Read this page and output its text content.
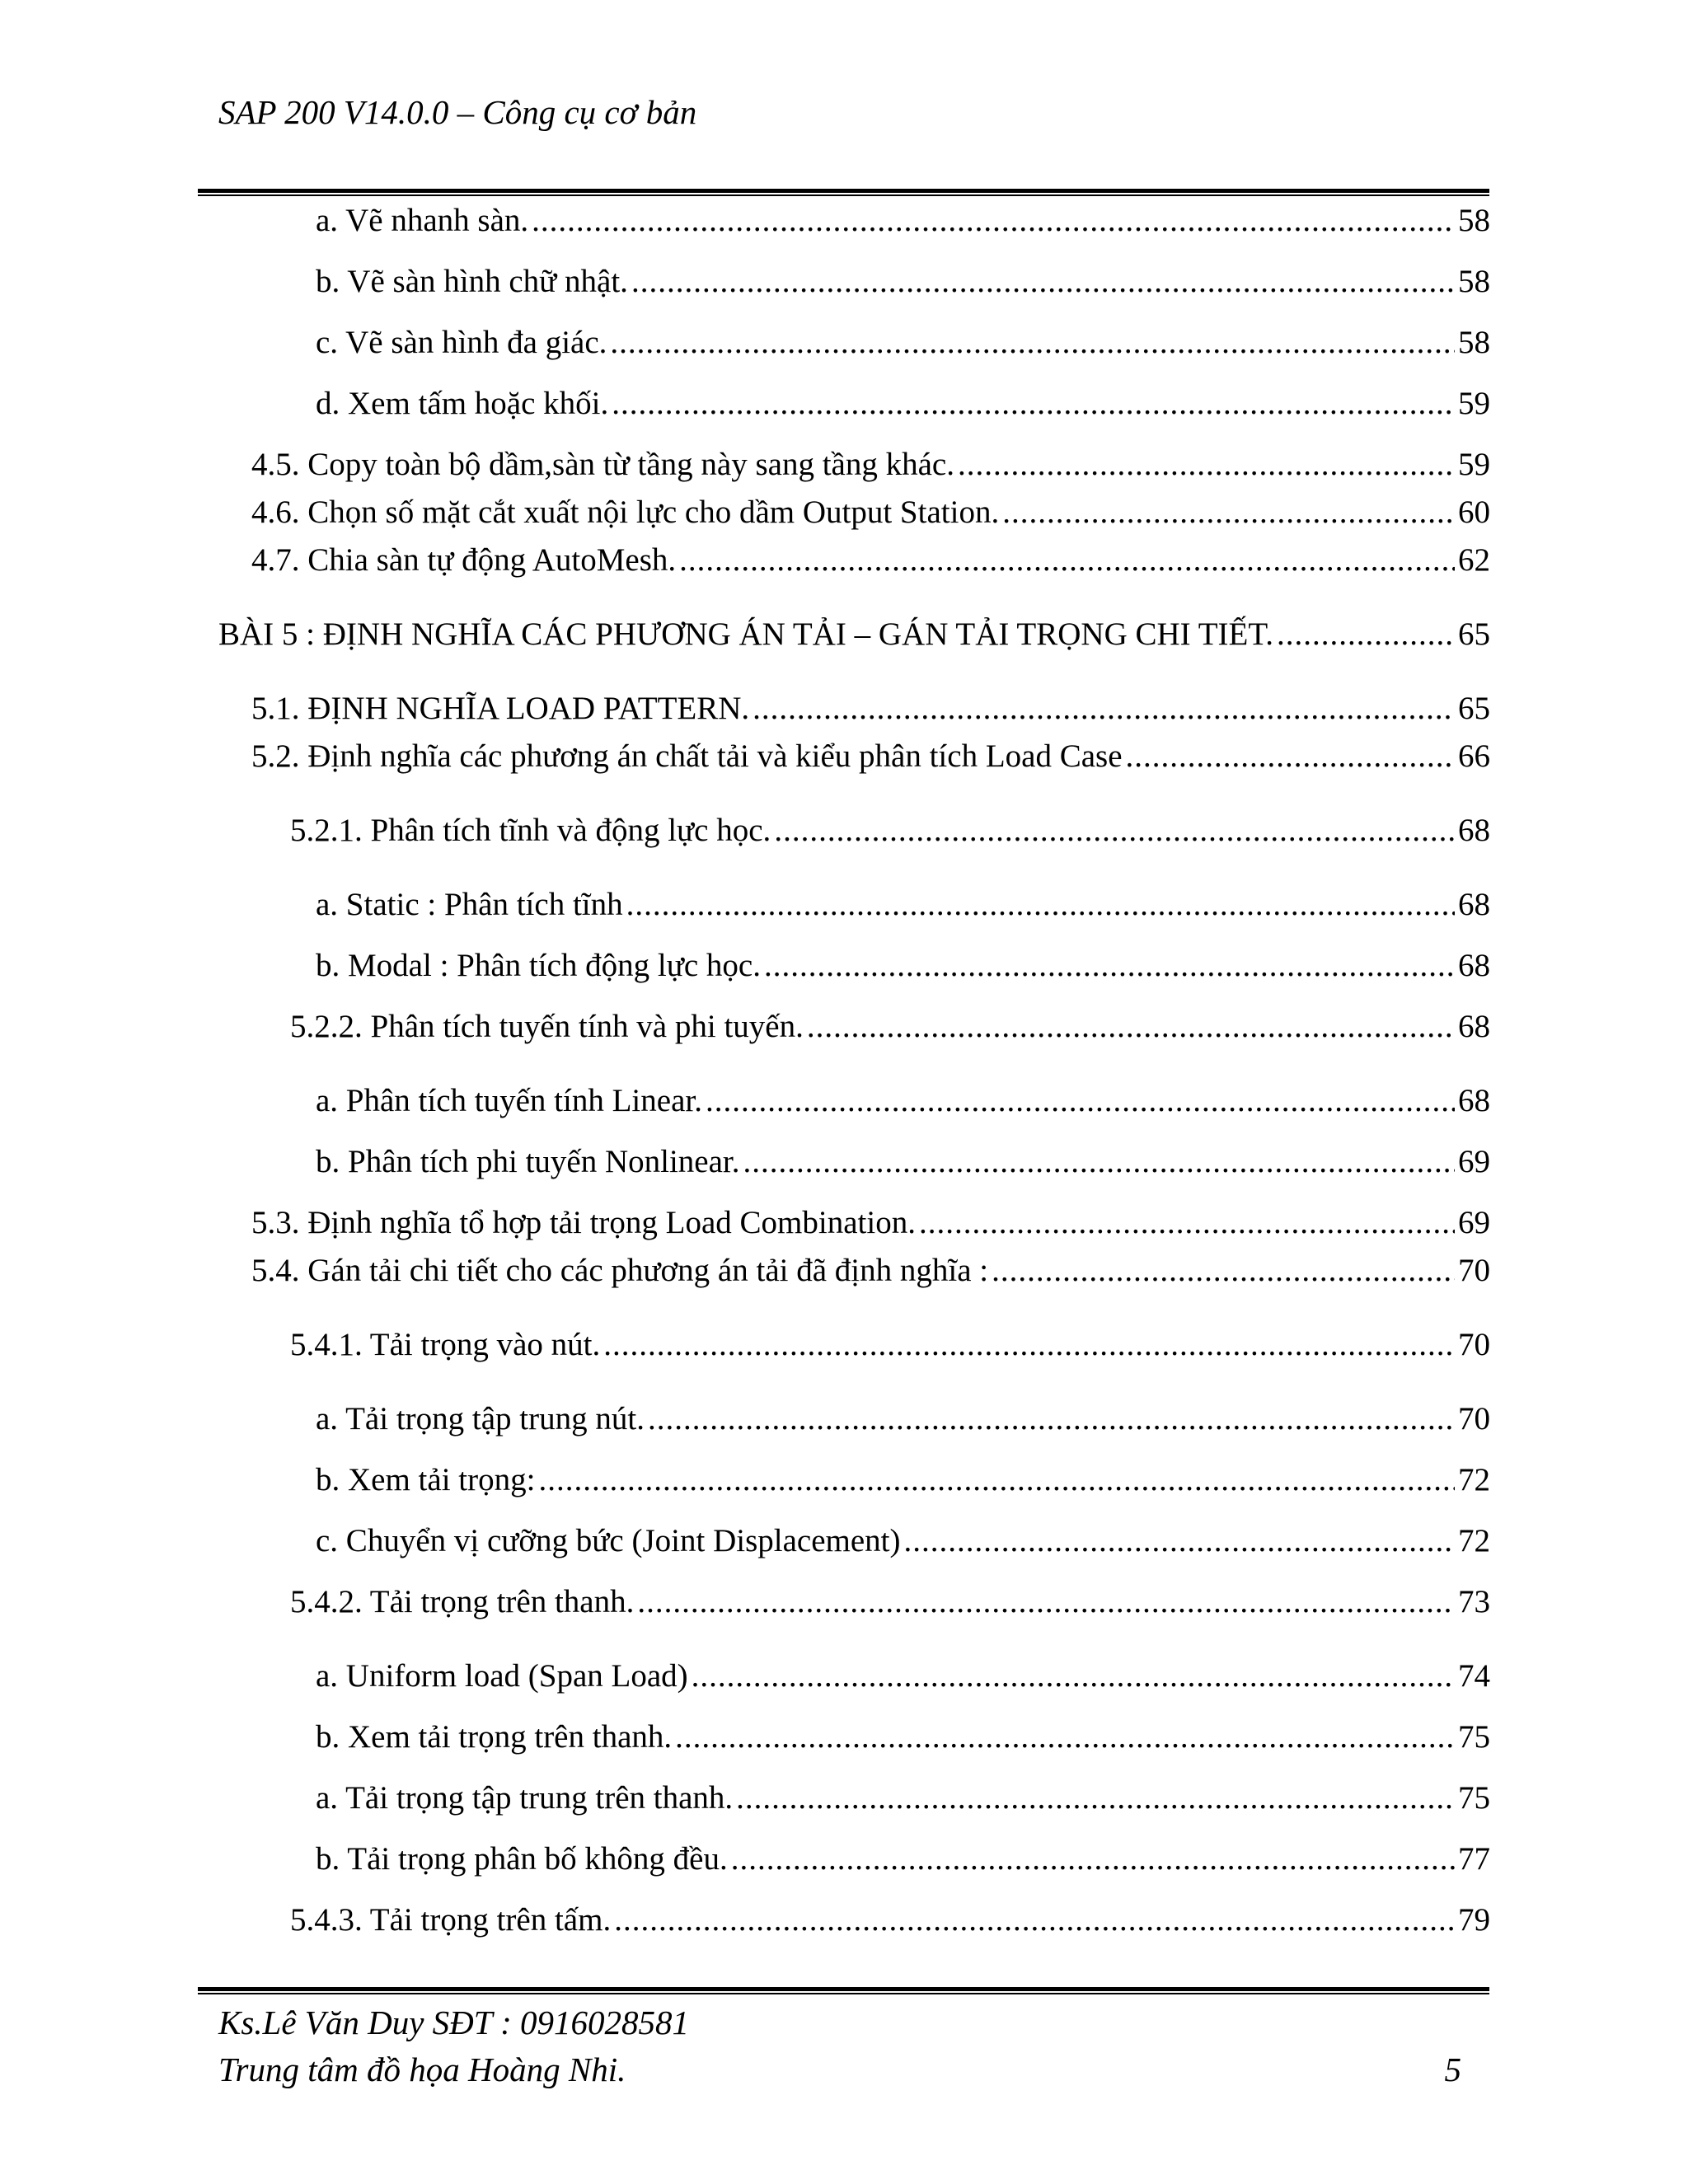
SAP 200 V14.0.0 – Công cụ cơ bản
a. Vẽ nhanh sàn. .....	58
b. Vẽ sàn hình chữ nhật. .....	58
c. Vẽ sàn hình đa giác. .....	58
d. Xem tấm hoặc khối. .....	59
4.5. Copy toàn bộ dầm,sàn từ tầng này sang tầng khác. .....	59
4.6. Chọn số mặt cắt xuất nội lực cho dầm Output Station. .....	60
4.7. Chia sàn tự động AutoMesh. .....	62
BÀI 5 : ĐỊNH NGHĨA CÁC PHƯƠNG ÁN TẢI – GÁN TẢI TRỌNG CHI TIẾT. .....	65
5.1. ĐỊNH NGHĨA LOAD PATTERN. .....	65
5.2. Định nghĩa các phương án chất tải và kiểu phân tích Load Case .....	66
5.2.1. Phân tích tĩnh và động lực học. .....	68
a. Static : Phân tích tĩnh .....	68
b. Modal : Phân tích động lực học. .....	68
5.2.2. Phân tích tuyến tính và phi tuyến. .....	68
a. Phân tích tuyến tính Linear. .....	68
b. Phân tích phi tuyến Nonlinear. .....	69
5.3. Định nghĩa tổ hợp tải trọng Load Combination. .....	69
5.4. Gán tải chi tiết cho các phương án tải đã định nghĩa : .....	70
5.4.1. Tải trọng vào nút. .....	70
a. Tải trọng tập trung nút. .....	70
b. Xem tải trọng: .....	72
c. Chuyển vị cưỡng bức (Joint Displacement) .....	72
5.4.2. Tải trọng trên thanh. .....	73
a. Uniform load (Span Load) .....	74
b. Xem tải trọng trên thanh. .....	75
a. Tải trọng tập trung trên thanh. .....	75
b. Tải trọng phân bố không đều. .....	77
5.4.3. Tải trọng trên tấm. .....	79
Ks.Lê Văn Duy SĐT : 0916028581
Trung tâm đồ họa Hoàng Nhi.	5
